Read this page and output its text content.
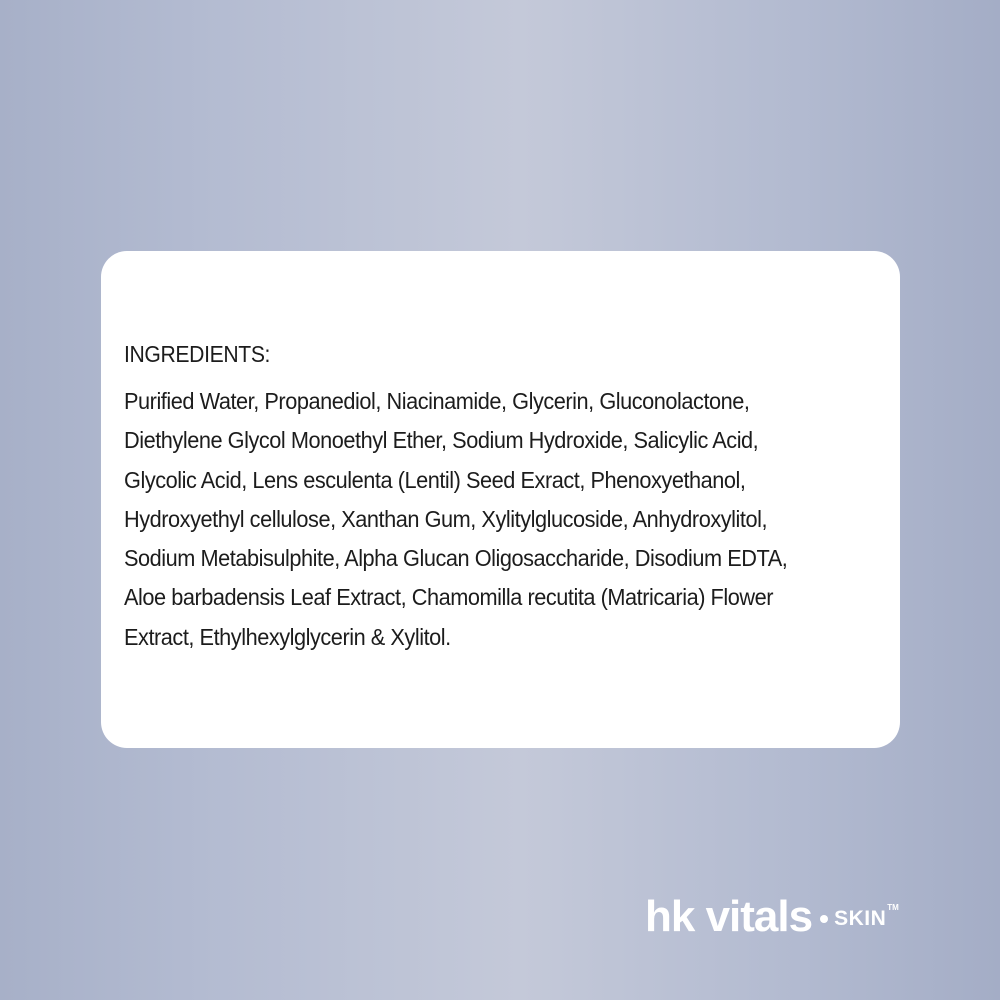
INGREDIENTS:
Purified Water, Propanediol, Niacinamide, Glycerin, Gluconolactone,
Diethylene Glycol Monoethyl Ether, Sodium Hydroxide, Salicylic Acid,
Glycolic Acid, Lens esculenta (Lentil) Seed Exract, Phenoxyethanol,
Hydroxyethyl cellulose, Xanthan Gum, Xylitylglucoside, Anhydroxylitol,
Sodium Metabisulphite, Alpha Glucan Oligosaccharide, Disodium EDTA,
Aloe barbadensis Leaf Extract, Chamomilla recutita (Matricaria) Flower
Extract, Ethylhexylglycerin & Xylitol.
hk vitals SKIN TM
